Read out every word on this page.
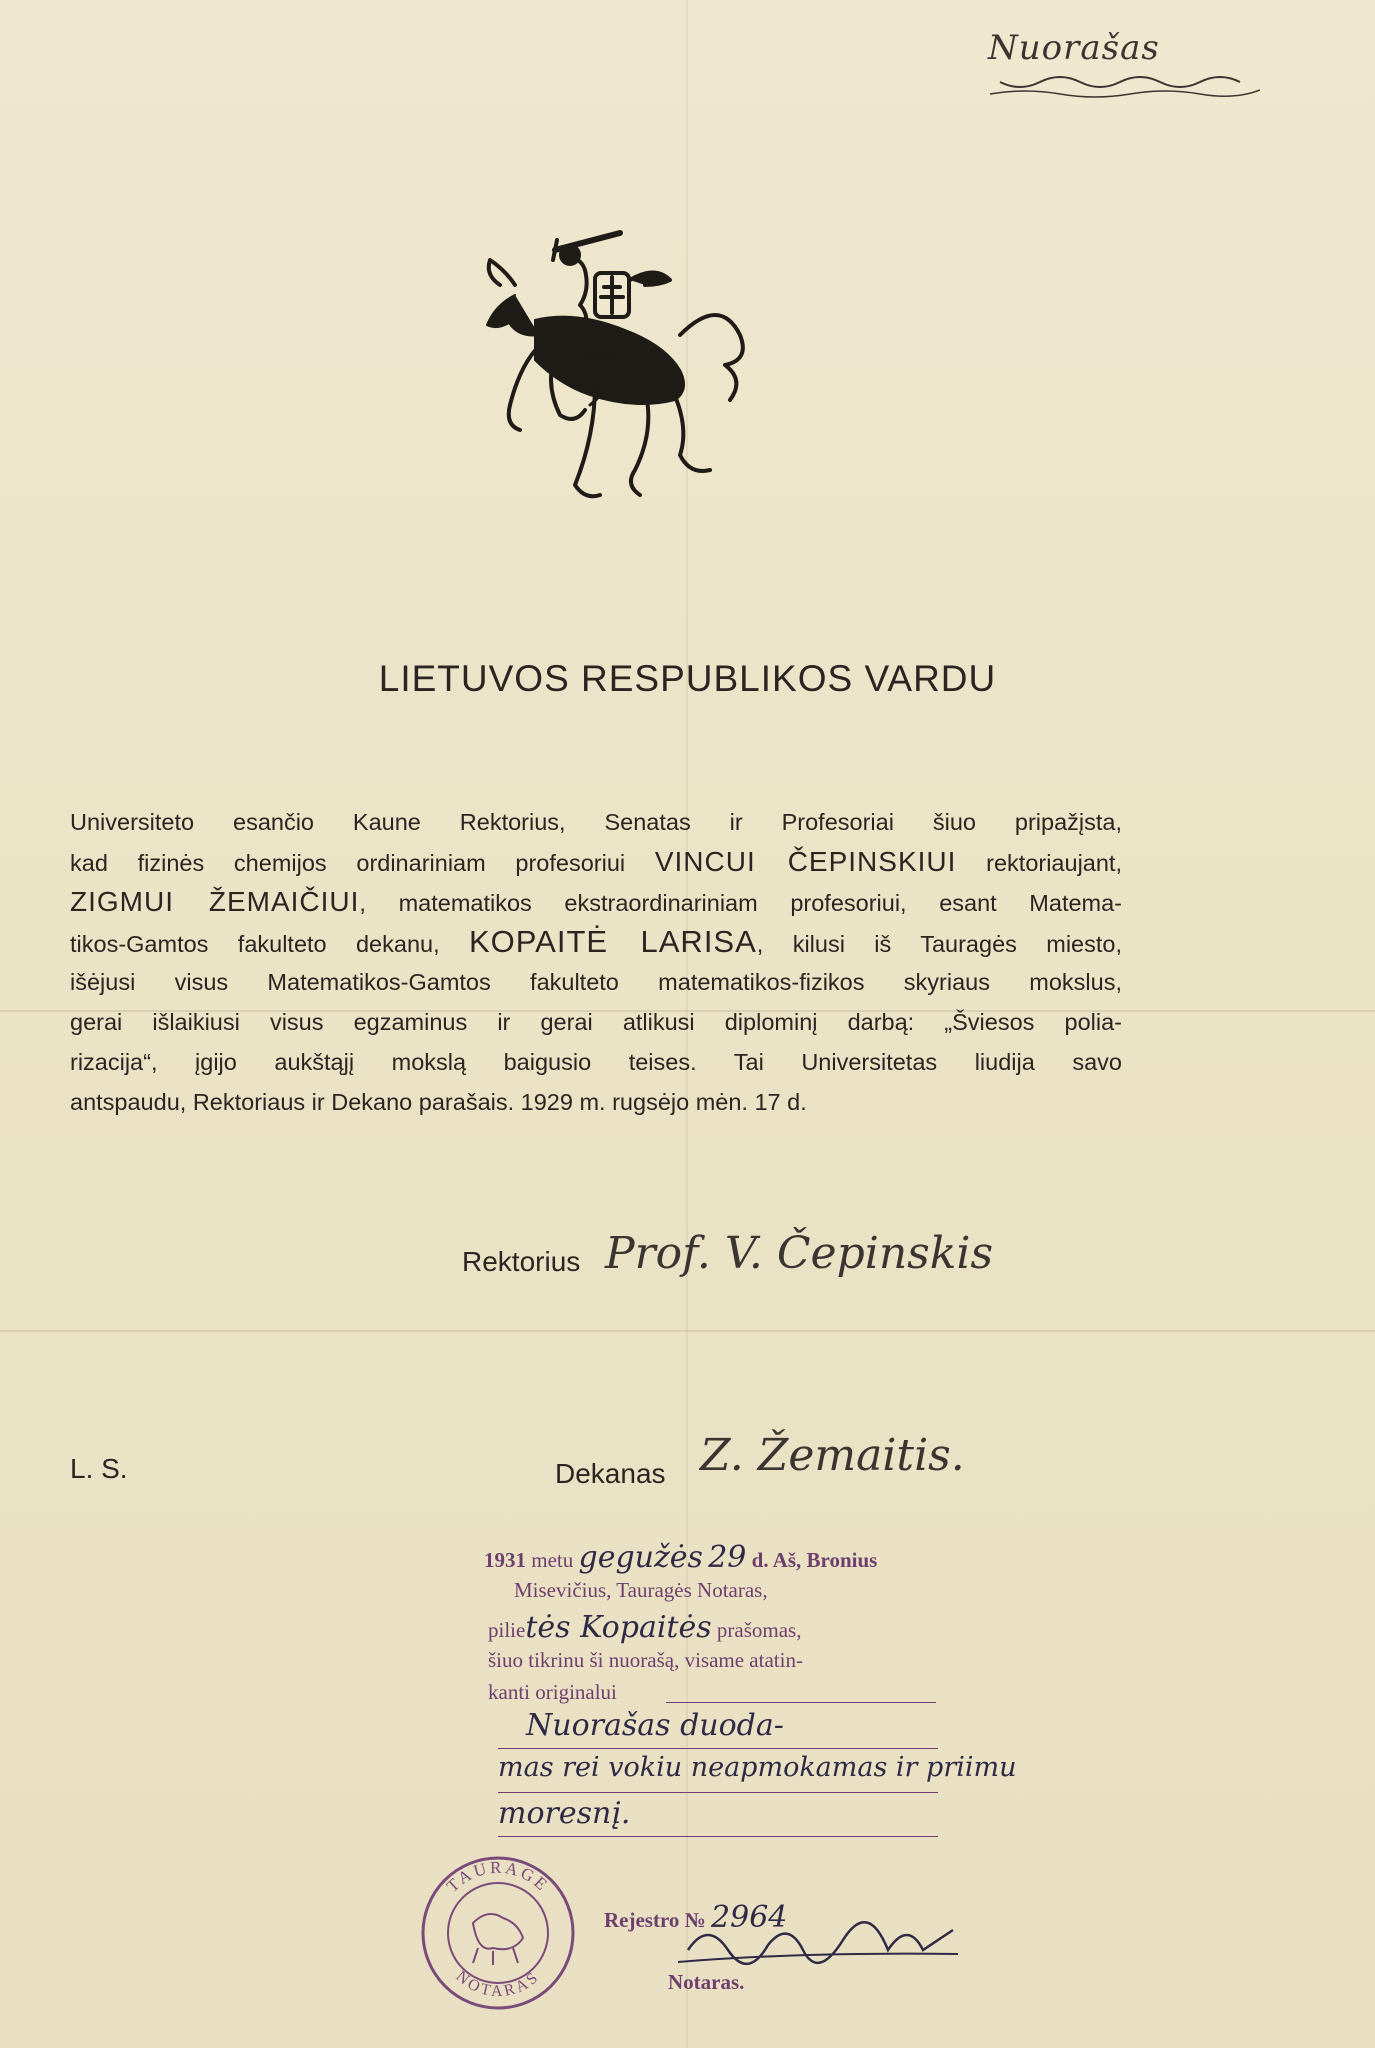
Nuorašas
LIETUVOS RESPUBLIKOS VARDU
Universiteto esančio Kaune Rektorius, Senatas ir Profesoriai šiuo pripažįsta,
kad fizinės chemijos ordinariniam profesoriui VINCUI ČEPINSKIUI rektoriaujant,
ZIGMUI ŽEMAIČIUI, matematikos ekstraordinariniam profesoriui, esant Matema-
tikos-Gamtos fakulteto dekanu, KOPAITĖ LARISA, kilusi iš Tauragės miesto,
išėjusi visus Matematikos-Gamtos fakulteto matematikos-fizikos skyriaus mokslus,
gerai išlaikiusi visus egzaminus ir gerai atlikusi diplominį darbą: „Šviesos polia-
rizacija“, įgijo aukštąjį mokslą baigusio teises. Tai Universitetas liudija savo
antspaudu, Rektoriaus ir Dekano parašais. 1929 m. rugsėjo mėn. 17 d.
Rektorius Prof. V. Čepinskis
L. S.	Dekanas Z. Žemaitis.
1931 metu gegužės 29 d. Aš, Bronius
Misevičius, Tauragės Notaras,
pilietės Kopaitės prašomas,
šiuo tikrinu ši nuorašą, visame atatin-
kanti originalui
Nuorašas duoda-
mas rei vokiu neapmokamas ir priimu
moresnį.
Rejestro № 2964
Notaras.
TAURAGE
NOTARAS
